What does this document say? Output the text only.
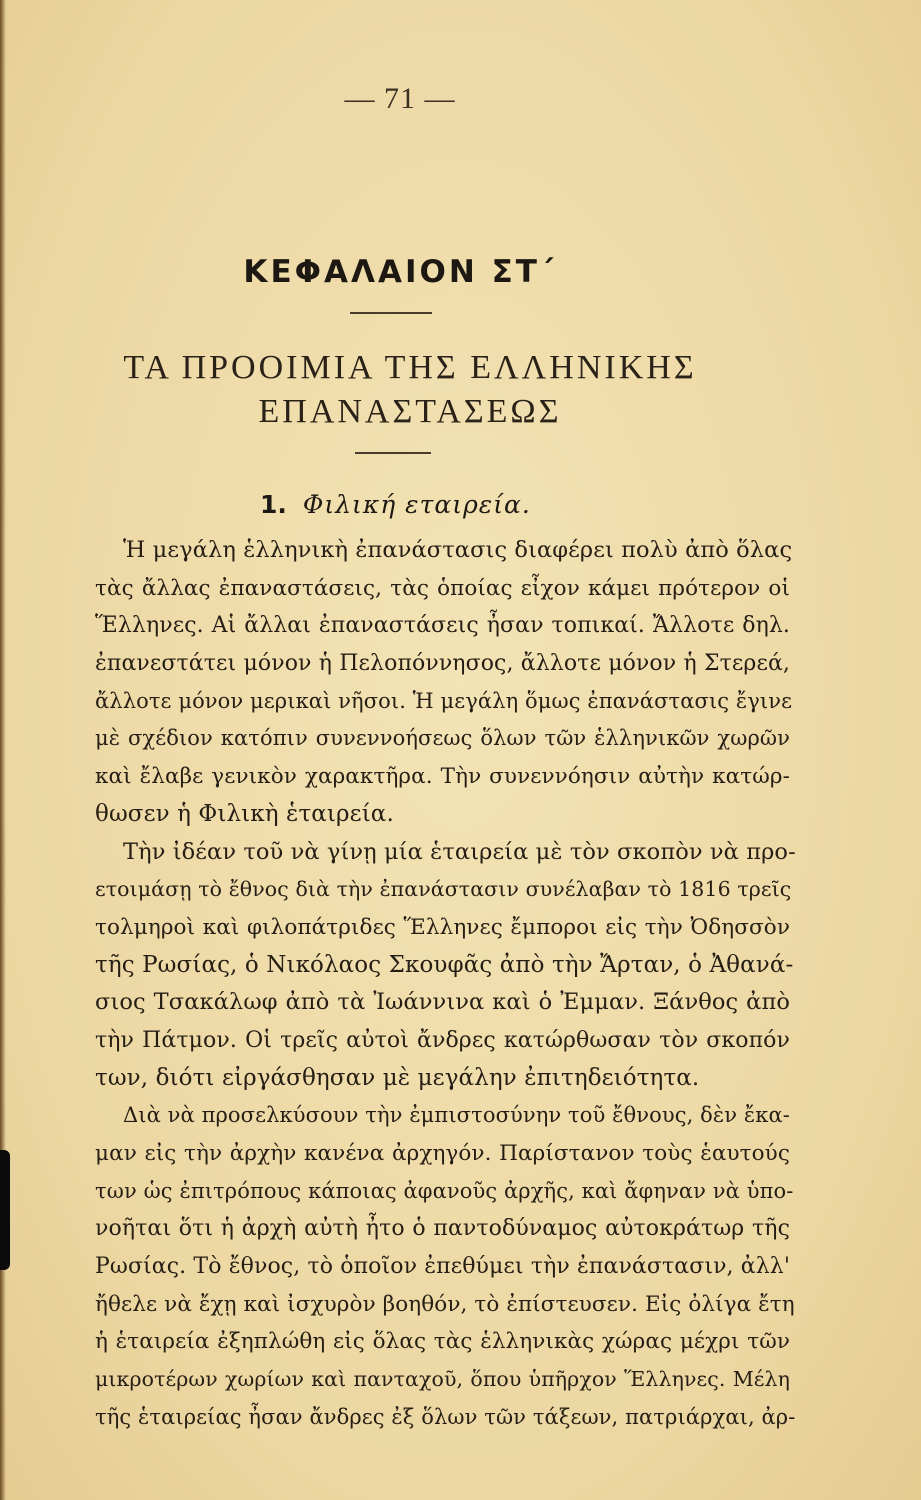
— 71 —
ΚΕΦΑΛΑΙΟΝ ΣΤ΄
ΤΑ ΠΡΟΟΙΜΙΑ ΤΗΣ ΕΛΛΗΝΙΚΗΣ
ΕΠΑΝΑΣΤΑΣΕΩΣ
1. Φιλική εταιρεία.
Ἡ μεγάλη ἑλληνικὴ ἐπανάστασις διαφέρει πολὺ ἀπὸ ὅλας
τὰς ἄλλας ἐπαναστάσεις, τὰς ὁποίας εἶχον κάμει πρότερον οἱ
Ἕλληνες. Αἱ ἄλλαι ἐπαναστάσεις ἦσαν τοπικαί. Ἄλλοτε δηλ.
ἐπανεστάτει μόνον ἡ Πελοπόννησος, ἄλλοτε μόνον ἡ Στερεά,
ἄλλοτε μόνον μερικαὶ νῆσοι. Ἡ μεγάλη ὅμως ἐπανάστασις ἔγινε
μὲ σχέδιον κατόπιν συνεννοήσεως ὅλων τῶν ἑλληνικῶν χωρῶν
καὶ ἔλαβε γενικὸν χαρακτῆρα. Τὴν συνεννόησιν αὐτὴν κατώρ-
θωσεν ἡ Φιλικὴ ἑταιρεία.
Τὴν ἰδέαν τοῦ νὰ γίνῃ μία ἑταιρεία μὲ τὸν σκοπὸν νὰ προ-
ετοιμάσῃ τὸ ἔθνος διὰ τὴν ἐπανάστασιν συνέλαβαν τὸ 1816 τρεῖς
τολμηροὶ καὶ φιλοπάτριδες Ἕλληνες ἔμποροι εἰς τὴν Ὀδησσὸν
τῆς Ρωσίας, ὁ Νικόλαος Σκουφᾶς ἀπὸ τὴν Ἄρταν, ὁ Ἀθανά-
σιος Τσακάλωφ ἀπὸ τὰ Ἰωάννινα καὶ ὁ Ἐμμαν. Ξάνθος ἀπὸ
τὴν Πάτμον. Οἱ τρεῖς αὐτοὶ ἄνδρες κατώρθωσαν τὸν σκοπόν
των, διότι εἰργάσθησαν μὲ μεγάλην ἐπιτηδειότητα.
Διὰ νὰ προσελκύσουν τὴν ἐμπιστοσύνην τοῦ ἔθνους, δὲν ἔκα-
μαν εἰς τὴν ἀρχὴν κανένα ἀρχηγόν. Παρίστανον τοὺς ἑαυτούς
των ὡς ἐπιτρόπους κάποιας ἀφανοῦς ἀρχῆς, καὶ ἄφηναν νὰ ὑπο-
νοῆται ὅτι ἡ ἀρχὴ αὐτὴ ἦτο ὁ παντοδύναμος αὐτοκράτωρ τῆς
Ρωσίας. Τὸ ἔθνος, τὸ ὁποῖον ἐπεθύμει τὴν ἐπανάστασιν, ἀλλ'
ἤθελε νὰ ἔχῃ καὶ ἰσχυρὸν βοηθόν, τὸ ἐπίστευσεν. Εἰς ὀλίγα ἔτη
ἡ ἑταιρεία ἐξηπλώθη εἰς ὅλας τὰς ἑλληνικὰς χώρας μέχρι τῶν
μικροτέρων χωρίων καὶ πανταχοῦ, ὅπου ὑπῆρχον Ἕλληνες. Μέλη
τῆς ἑταιρείας ἦσαν ἄνδρες ἐξ ὅλων τῶν τάξεων, πατριάρχαι, ἀρ-
